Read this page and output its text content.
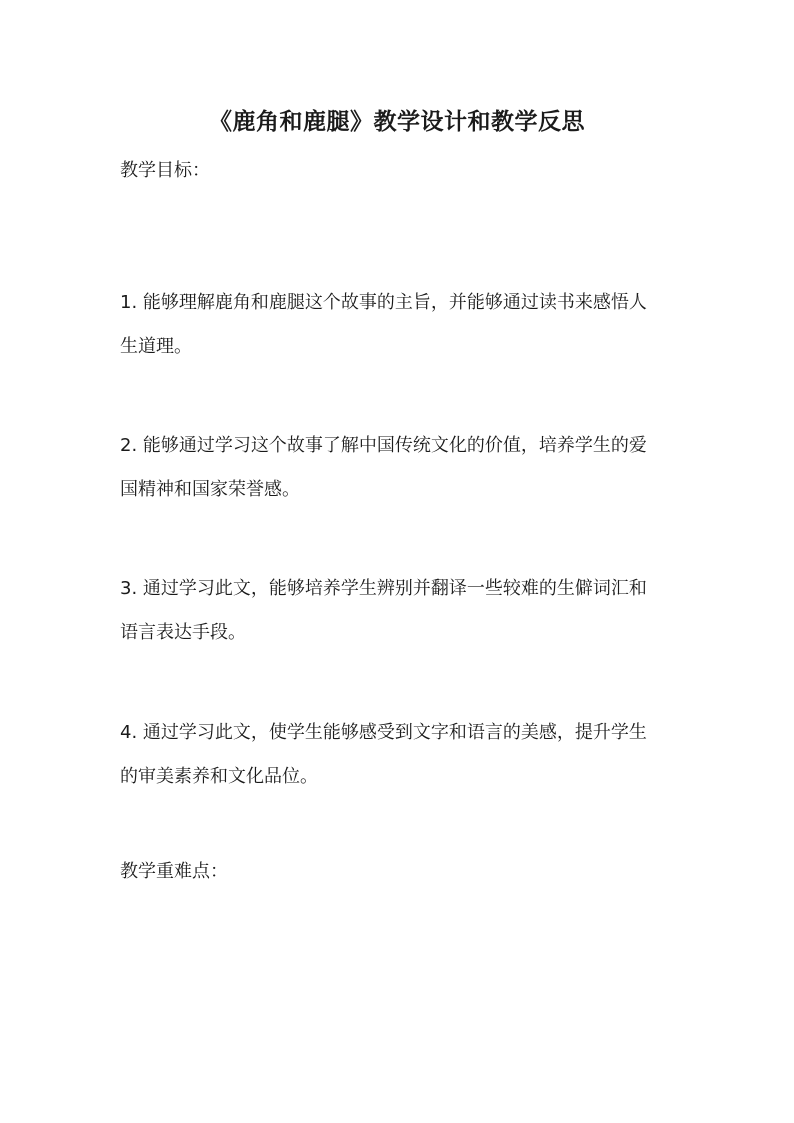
《鹿角和鹿腿》教学设计和教学反思
教学目标：
1. 能够理解鹿角和鹿腿这个故事的主旨，并能够通过读书来感悟人
生道理。
2. 能够通过学习这个故事了解中国传统文化的价值，培养学生的爱
国精神和国家荣誉感。
3. 通过学习此文，能够培养学生辨别并翻译一些较难的生僻词汇和
语言表达手段。
4. 通过学习此文，使学生能够感受到文字和语言的美感，提升学生
的审美素养和文化品位。
教学重难点：
